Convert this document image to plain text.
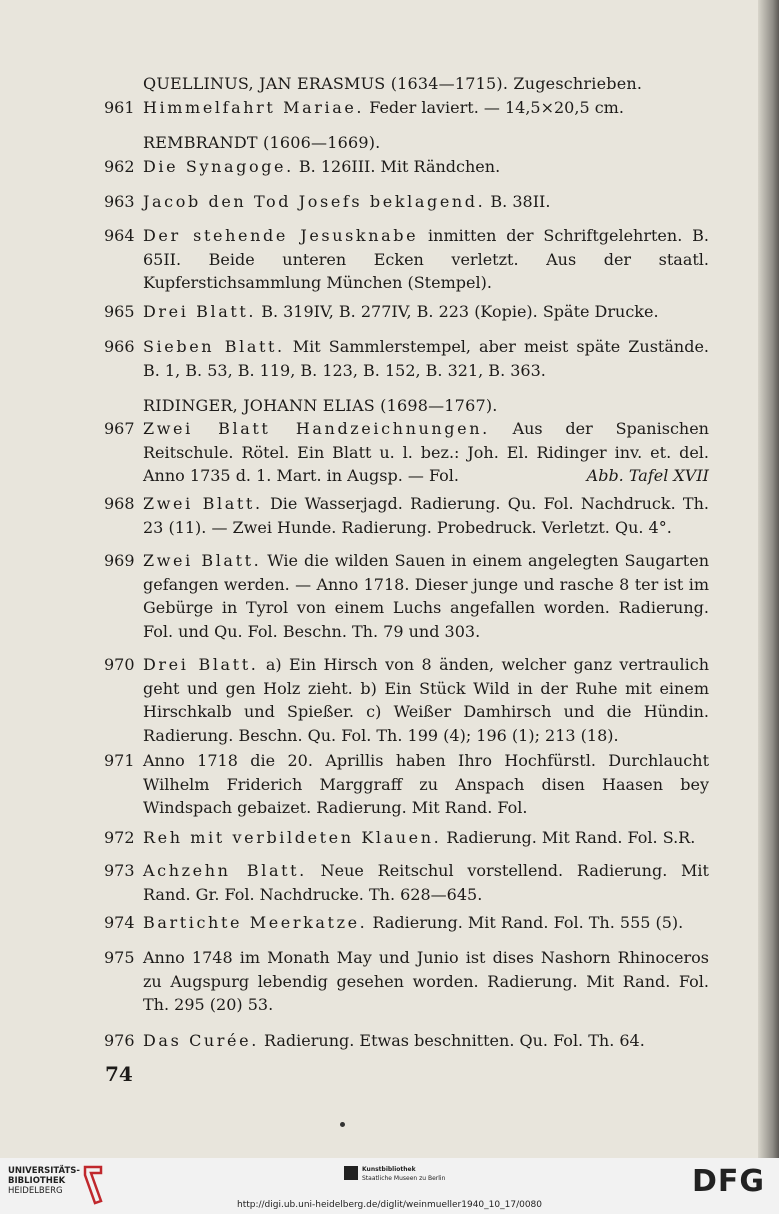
QUELLINUS, JAN ERASMUS (1634—1715). Zugeschrieben.
961 Himmelfahrt Mariae. Feder laviert. — 14,5×20,5 cm.
REMBRANDT (1606—1669).
962 Die Synagoge. B. 126III. Mit Rändchen.
963 Jacob den Tod Josefs beklagend. B. 38II.
964 Der stehende Jesusknabe inmitten der Schriftgelehrten. B. 65II. Beide unteren Ecken verletzt. Aus der staatl. Kupferstichsammlung München (Stempel).
965 Drei Blatt. B. 319IV, B. 277IV, B. 223 (Kopie). Späte Drucke.
966 Sieben Blatt. Mit Sammlerstempel, aber meist späte Zustände. B. 1, B. 53, B. 119, B. 123, B. 152, B. 321, B. 363.
RIDINGER, JOHANN ELIAS (1698—1767).
967 Zwei Blatt Handzeichnungen. Aus der Spanischen Reitschule. Rötel. Ein Blatt u. l. bez.: Joh. El. Ridinger inv. et. del. Anno 1735 d. 1. Mart. in Augsp. — Fol.	Abb. Tafel XVII
968 Zwei Blatt. Die Wasserjagd. Radierung. Qu. Fol. Nachdruck. Th. 23 (11). — Zwei Hunde. Radierung. Probedruck. Verletzt. Qu. 4°.
969 Zwei Blatt. Wie die wilden Sauen in einem angelegten Saugarten gefangen werden. — Anno 1718. Dieser junge und rasche 8 ter ist im Gebürge in Tyrol von einem Luchs angefallen worden. Radierung. Fol. und Qu. Fol. Beschn. Th. 79 und 303.
970 Drei Blatt. a) Ein Hirsch von 8 änden, welcher ganz vertraulich geht und gen Holz zieht. b) Ein Stück Wild in der Ruhe mit einem Hirschkalb und Spießer. c) Weißer Damhirsch und die Hündin. Radierung. Beschn. Qu. Fol. Th. 199 (4); 196 (1); 213 (18).
971 Anno 1718 die 20. Aprillis haben Ihro Hochfürstl. Durchlaucht Wilhelm Friderich Marggraff zu Anspach disen Haasen bey Windspach gebaizet. Radierung. Mit Rand. Fol.
972 Reh mit verbildeten Klauen. Radierung. Mit Rand. Fol. S.R.
973 Achzehn Blatt. Neue Reitschul vorstellend. Radierung. Mit Rand. Gr. Fol. Nachdrucke. Th. 628—645.
974 Bartichte Meerkatze. Radierung. Mit Rand. Fol. Th. 555 (5).
975 Anno 1748 im Monath May und Junio ist dises Nashorn Rhinoceros zu Augspurg lebendig gesehen worden. Radierung. Mit Rand. Fol. Th. 295 (20) 53.
976 Das Curée. Radierung. Etwas beschnitten. Qu. Fol. Th. 64.
74
UNIVERSITÄTS-
BIBLIOTHEK
HEIDELBERG
Kunstbibliothek
Staatliche Museen zu Berlin	DFG
http://digi.ub.uni-heidelberg.de/diglit/weinmueller1940_10_17/0080
